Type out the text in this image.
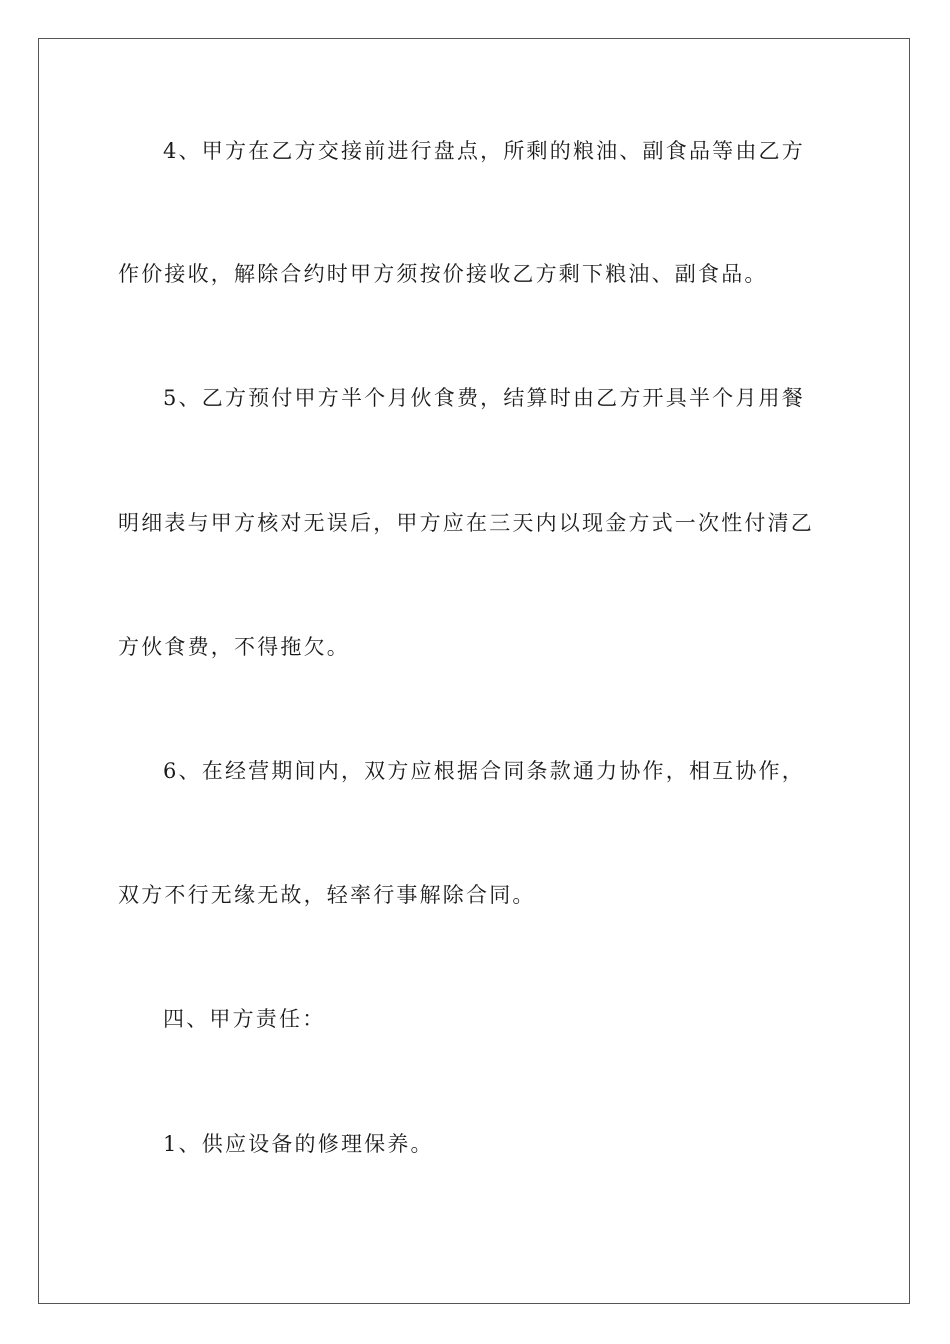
4、甲方在乙方交接前进行盘点，所剩的粮油、副食品等由乙方
作价接收，解除合约时甲方须按价接收乙方剩下粮油、副食品。
5、乙方预付甲方半个月伙食费，结算时由乙方开具半个月用餐
明细表与甲方核对无误后，甲方应在三天内以现金方式一次性付清乙
方伙食费，不得拖欠。
6、在经营期间内，双方应根据合同条款通力协作，相互协作，
双方不行无缘无故，轻率行事解除合同。
四、甲方责任：
1、供应设备的修理保养。
